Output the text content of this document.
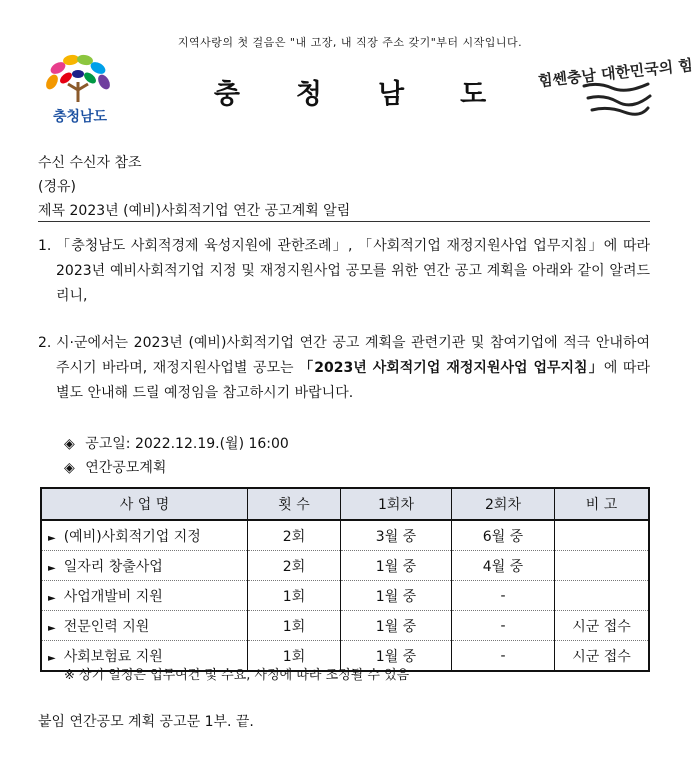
지역사랑의 첫 걸음은 "내 고장, 내 직장 주소 갖기"부터 시작입니다.
충청남도
충청남도
힘쎈충남 대한민국의 힘
수신 수신자 참조
(경유)
제목 2023년 (예비)사회적기업 연간 공고계획 알림
1. 「충청남도 사회적경제 육성지원에 관한조례」, 「사회적기업 재정지원사업 업무지침」에 따라 2023년 예비사회적기업 지정 및 재정지원사업 공모를 위한 연간 공고 계획을 아래와 같이 알려드리니,
2. 시·군에서는 2023년 (예비)사회적기업 연간 공고 계획을 관련기관 및 참여기업에 적극 안내하여 주시기 바라며, 재정지원사업별 공모는 「2023년 사회적기업 재정지원사업 업무지침」에 따라 별도 안내해 드릴 예정임을 참고하시기 바랍니다.
◈ 공고일: 2022.12.19.(월) 16:00
◈ 연간공모계획
사 업 명	횟 수	1회차	2회차	비 고
► (예비)사회적기업 지정	2회	3월 중	6월 중	
► 일자리 창출사업	2회	1월 중	4월 중	
► 사업개발비 지원	1회	1월 중	-	
► 전문인력 지원	1회	1월 중	-	시군 접수
► 사회보험료 지원	1회	1월 중	-	시군 접수
※ 상기 일정은 업무여건 및 수요, 사정에 따라 조정될 수 있음
붙임 연간공모 계획 공고문 1부. 끝.
